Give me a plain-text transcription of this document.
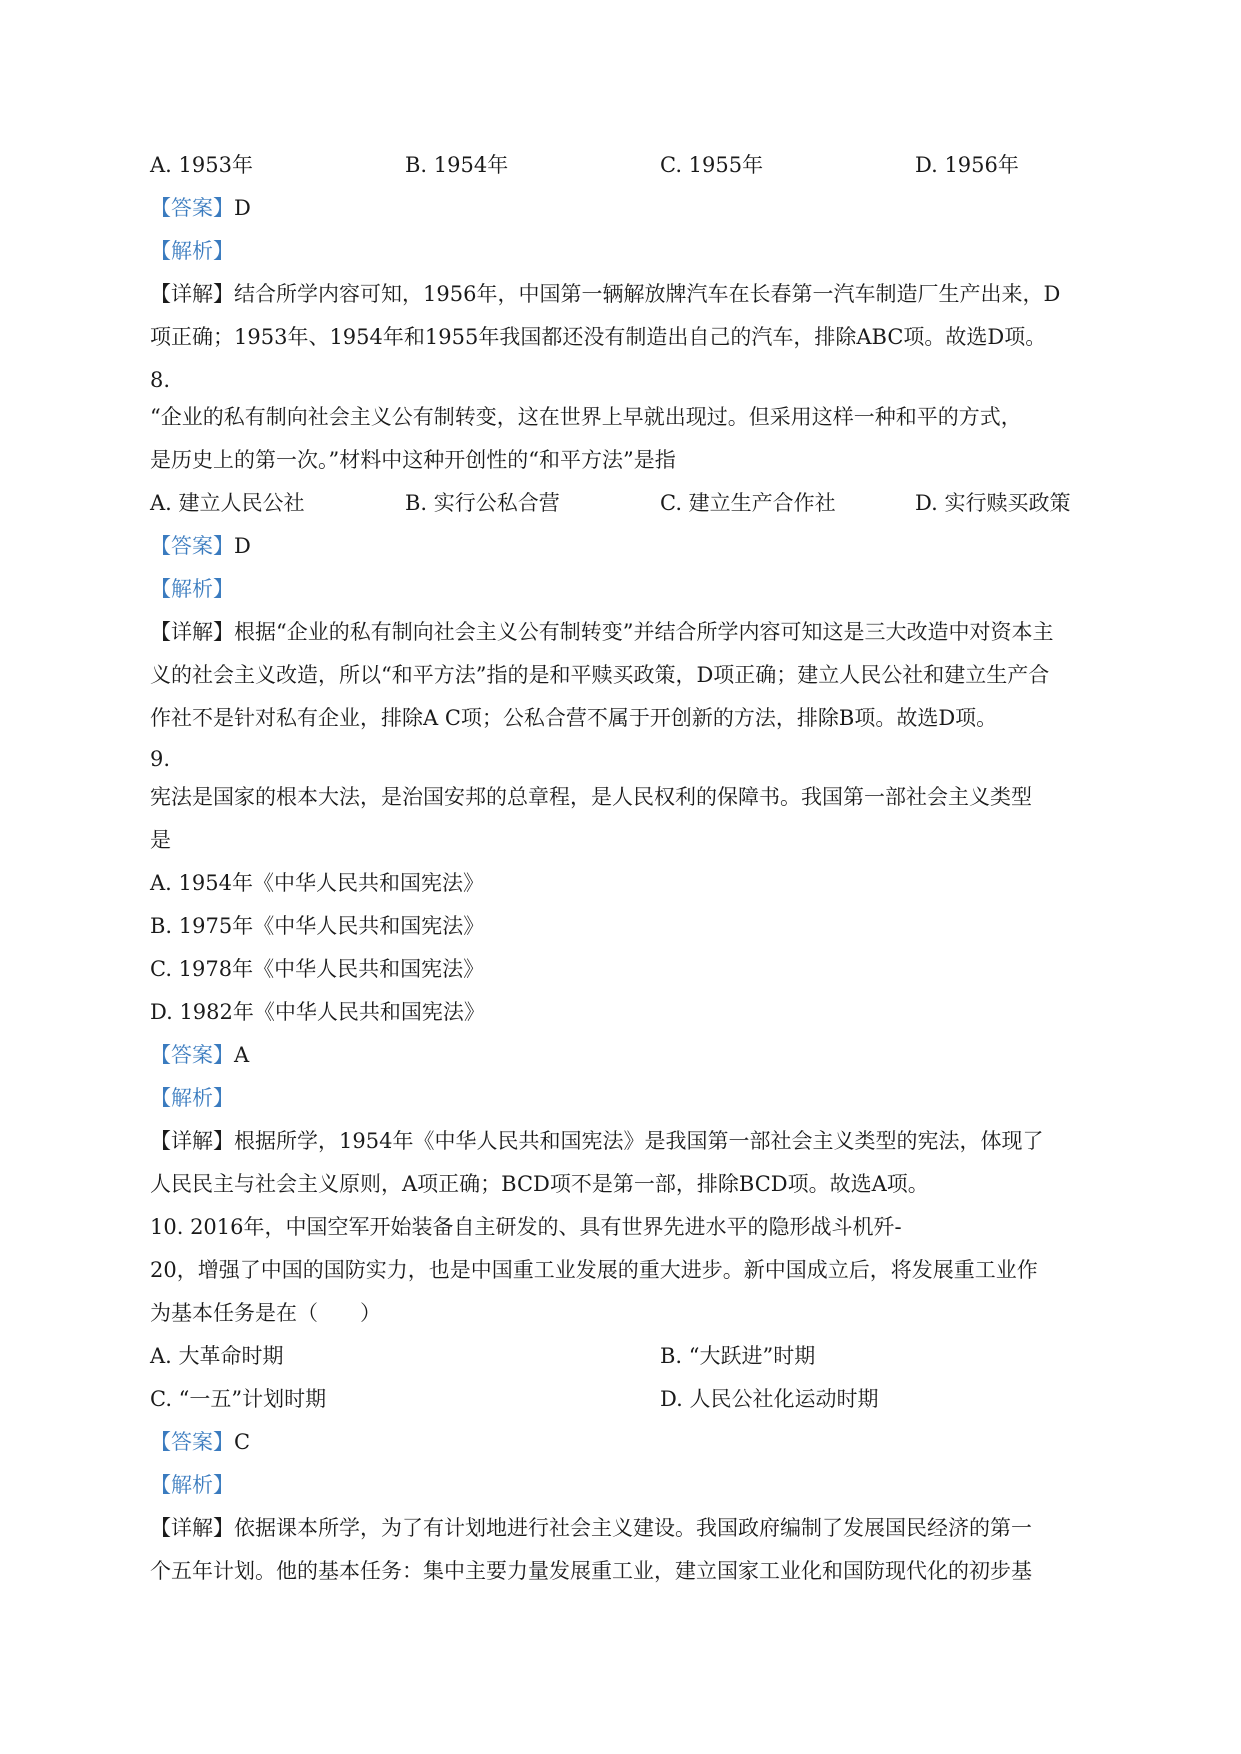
A. 1953年	B. 1954年	C. 1955年	D. 1956年
【答案】D
【解析】
【详解】结合所学内容可知，1956年，中国第一辆解放牌汽车在长春第一汽车制造厂生产出来，D
项正确；1953年、1954年和1955年我国都还没有制造出自己的汽车，排除ABC项。故选D项。
8.
“企业的私有制向社会主义公有制转变，这在世界上早就出现过。但采用这样一种和平的方式，
是历史上的第一次。”材料中这种开创性的“和平方法”是指
A. 建立人民公社	B. 实行公私合营	C. 建立生产合作社	D. 实行赎买政策
【答案】D
【解析】
【详解】根据“企业的私有制向社会主义公有制转变”并结合所学内容可知这是三大改造中对资本主
义的社会主义改造，所以“和平方法”指的是和平赎买政策，D项正确；建立人民公社和建立生产合
作社不是针对私有企业，排除A C项；公私合营不属于开创新的方法，排除B项。故选D项。
9.
宪法是国家的根本大法，是治国安邦的总章程，是人民权利的保障书。我国第一部社会主义类型
是
A. 1954年《中华人民共和国宪法》
B. 1975年《中华人民共和国宪法》
C. 1978年《中华人民共和国宪法》
D. 1982年《中华人民共和国宪法》
【答案】A
【解析】
【详解】根据所学，1954年《中华人民共和国宪法》是我国第一部社会主义类型的宪法，体现了
人民民主与社会主义原则，A项正确；BCD项不是第一部，排除BCD项。故选A项。
10. 2016年，中国空军开始装备自主研发的、具有世界先进水平的隐形战斗机歼-
20，增强了中国的国防实力，也是中国重工业发展的重大进步。新中国成立后，将发展重工业作
为基本任务是在（　　）
A. 大革命时期	B. “大跃进”时期
C. “一五”计划时期	D. 人民公社化运动时期
【答案】C
【解析】
【详解】依据课本所学，为了有计划地进行社会主义建设。我国政府编制了发展国民经济的第一
个五年计划。他的基本任务：集中主要力量发展重工业，建立国家工业化和国防现代化的初步基
